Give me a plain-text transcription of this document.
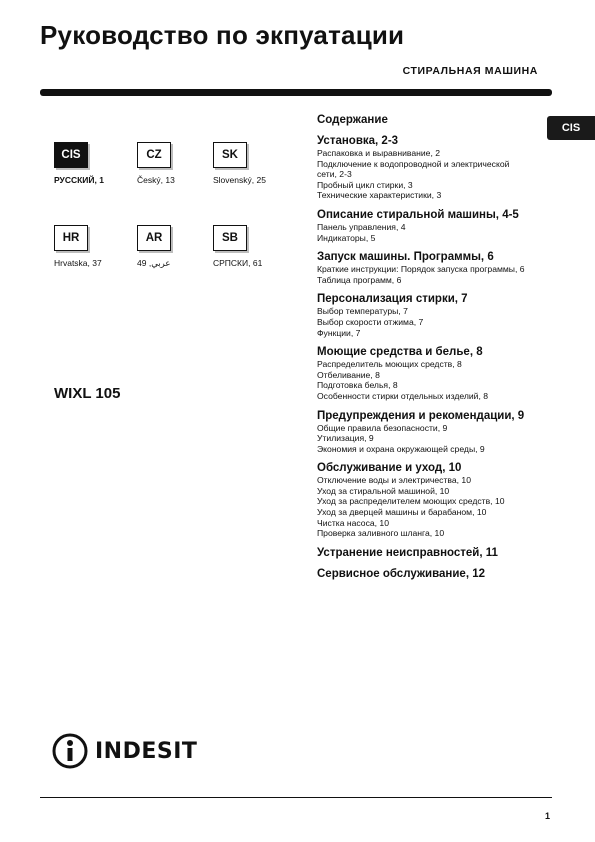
Руководство по экпуатации
СТИРАЛЬНАЯ МАШИНА
CIS
CIS
РУССКИЙ, 1
CZ
Český, 13
SK
Slovenský, 25
HR
Hrvatska, 37
AR
عربي, 49
SB
СРПСКИ, 61
WIXL 105
Содержание
Установка, 2-3
Распаковка и выравнивание, 2
Подключение к водопроводной и электрической
сети, 2-3
Пробный цикл стирки, 3
Технические характеристики, 3
Описание стиральной машины, 4-5
Панель управления, 4
Индикаторы, 5
Запуск машины. Программы, 6
Краткие инструкции: Порядок запуска программы, 6
Таблица программ, 6
Персонализация стирки, 7
Выбор температуры, 7
Выбор скорости отжима, 7
Функции, 7
Моющие средства и белье, 8
Распределитель моющих средств, 8
Отбеливание, 8
Подготовка белья, 8
Особенности стирки отдельных изделий, 8
Предупреждения и рекомендации, 9
Общие правила безопасности, 9
Утилизация, 9
Экономия и охрана окружающей среды, 9
Обслуживание и уход, 10
Отключение воды и электричества, 10
Уход за стиральной машиной, 10
Уход за распределителем моющих средств, 10
Уход за дверцей машины и барабаном, 10
Чистка насоса, 10
Проверка заливного шланга, 10
Устранение неисправностей, 11
Сервисное обслуживание, 12
INDESIT
1
